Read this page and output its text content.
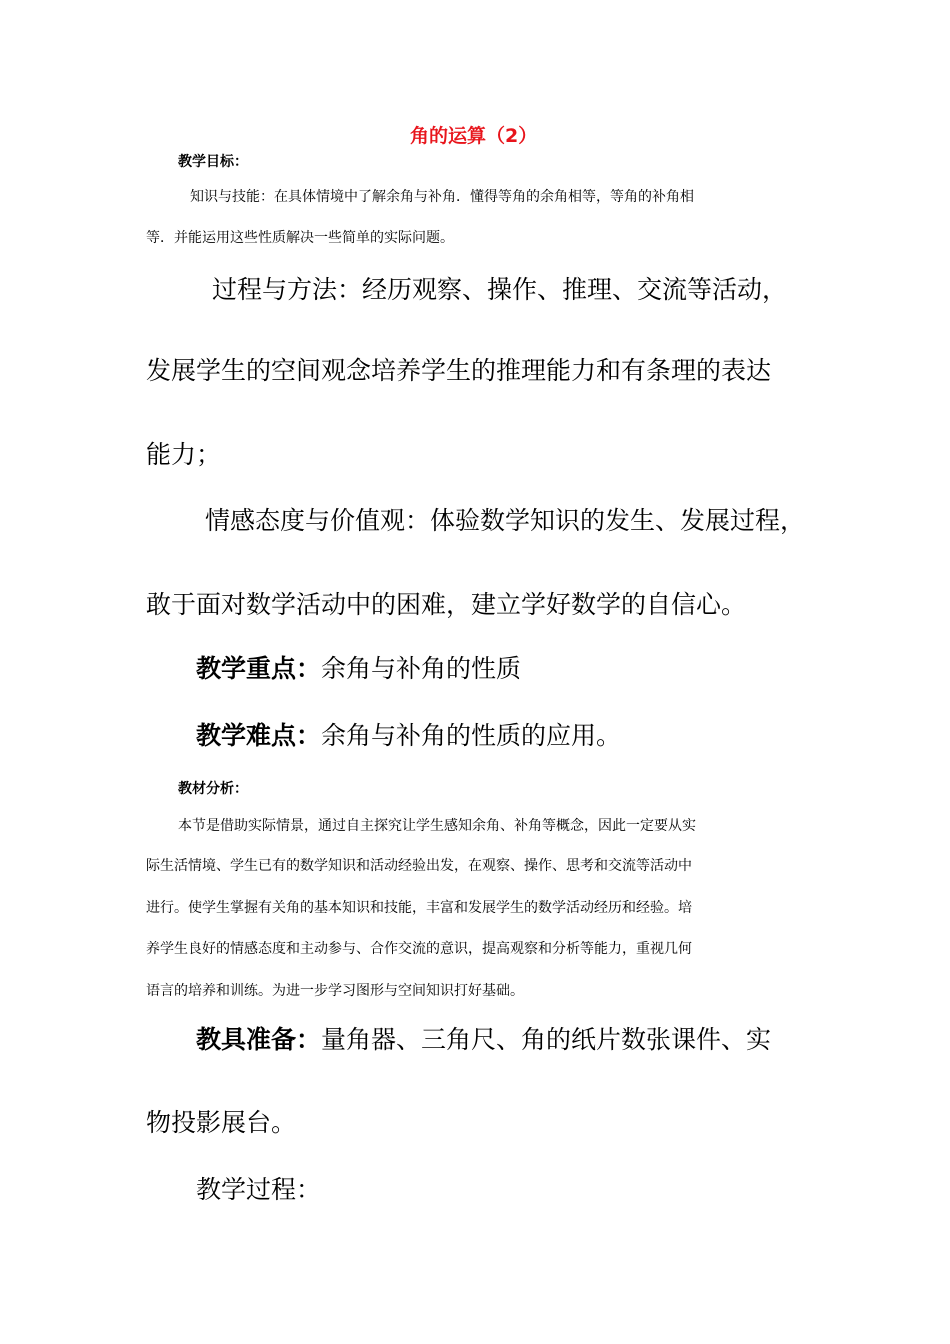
角的运算（2）
教学目标：
知识与技能：在具体情境中了解余角与补角．懂得等角的余角相等，等角的补角相
等．并能运用这些性质解决一些简单的实际问题。
过程与方法：经历观察、操作、推理、交流等活动，
发展学生的空间观念培养学生的推理能力和有条理的表达
能力；
情感态度与价值观：体验数学知识的发生、发展过程，
敢于面对数学活动中的困难，建立学好数学的自信心。
教学重点：余角与补角的性质
教学难点：余角与补角的性质的应用。
教材分析：
本节是借助实际情景，通过自主探究让学生感知余角、补角等概念，因此一定要从实
际生活情境、学生已有的数学知识和活动经验出发，在观察、操作、思考和交流等活动中
进行。使学生掌握有关角的基本知识和技能，丰富和发展学生的数学活动经历和经验。培
养学生良好的情感态度和主动参与、合作交流的意识，提高观察和分析等能力，重视几何
语言的培养和训练。为进一步学习图形与空间知识打好基础。
教具准备：量角器、三角尺、角的纸片数张课件、实
物投影展台。
教学过程：
